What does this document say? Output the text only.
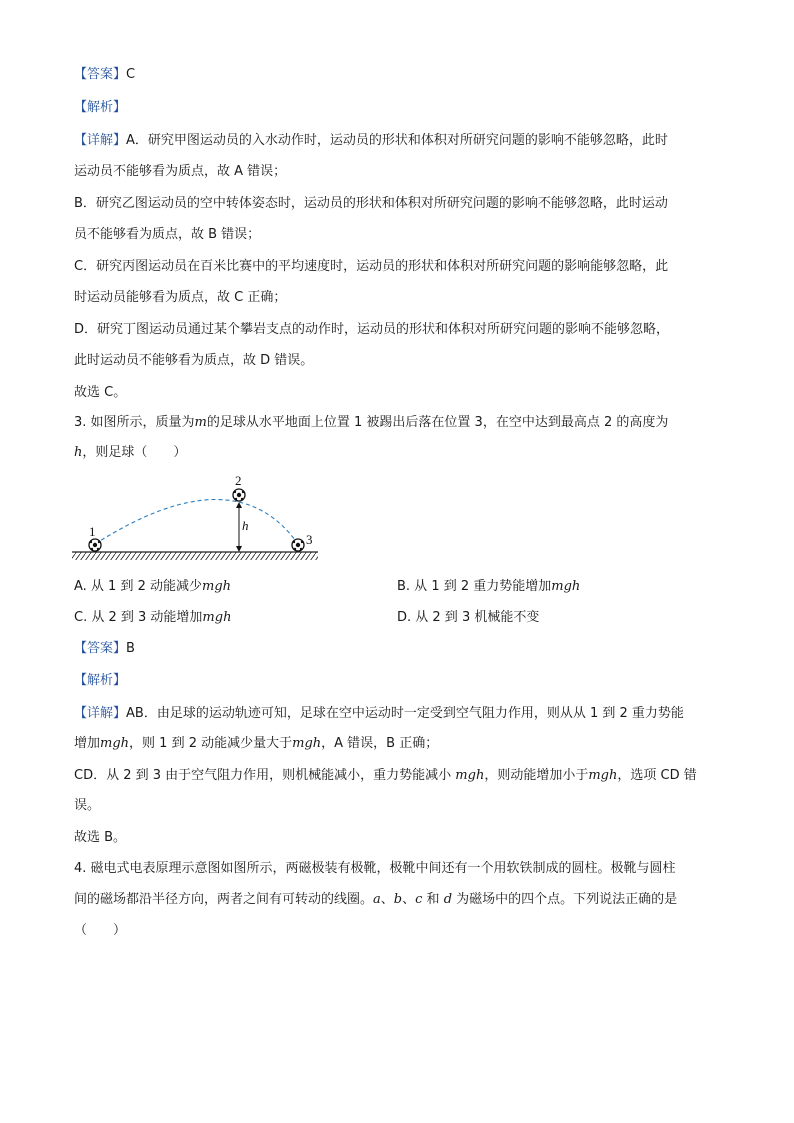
【答案】C
【解析】
【详解】A．研究甲图运动员的入水动作时，运动员的形状和体积对所研究问题的影响不能够忽略，此时
运动员不能够看为质点，故 A 错误；
B．研究乙图运动员的空中转体姿态时，运动员的形状和体积对所研究问题的影响不能够忽略，此时运动
员不能够看为质点，故 B 错误；
C．研究丙图运动员在百米比赛中的平均速度时，运动员的形状和体积对所研究问题的影响能够忽略，此
时运动员能够看为质点，故 C 正确；
D．研究丁图运动员通过某个攀岩支点的动作时，运动员的形状和体积对所研究问题的影响不能够忽略，
此时运动员不能够看为质点，故 D 错误。
故选 C。
3. 如图所示，质量为m的足球从水平地面上位置 1 被踢出后落在位置 3，在空中达到最高点 2 的高度为
h，则足球（　　）
h
1
2
3
A. 从 1 到 2 动能减少mgh	B. 从 1 到 2 重力势能增加mgh
C. 从 2 到 3 动能增加mgh	D. 从 2 到 3 机械能不变
【答案】B
【解析】
【详解】AB．由足球的运动轨迹可知，足球在空中运动时一定受到空气阻力作用，则从从 1 到 2 重力势能
增加mgh，则 1 到 2 动能减少量大于mgh，A 错误，B 正确；
CD．从 2 到 3 由于空气阻力作用，则机械能减小，重力势能减小 mgh，则动能增加小于mgh，选项 CD 错
误。
故选 B。
4. 磁电式电表原理示意图如图所示，两磁极装有极靴，极靴中间还有一个用软铁制成的圆柱。极靴与圆柱
间的磁场都沿半径方向，两者之间有可转动的线圈。a、b、c 和 d 为磁场中的四个点。下列说法正确的是
（　　）
